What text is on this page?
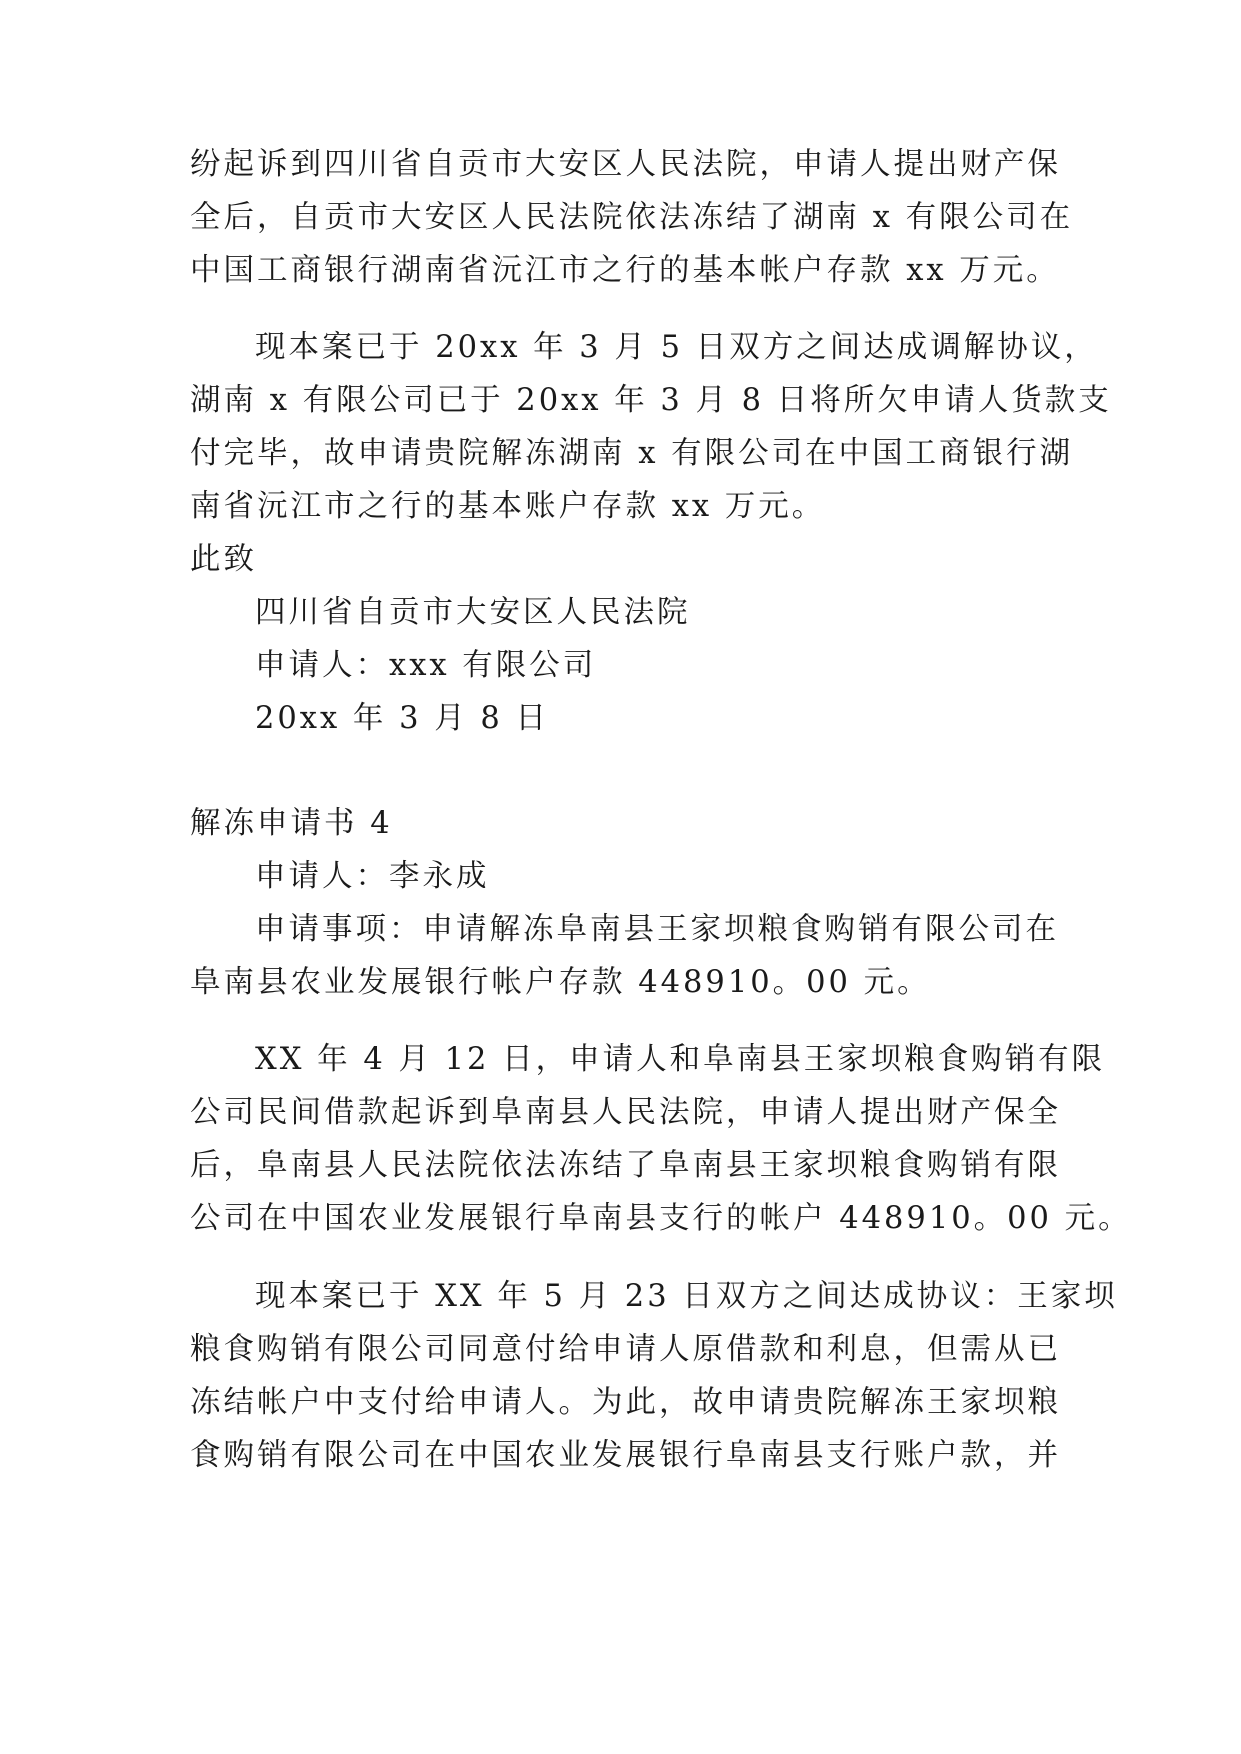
纷起诉到四川省自贡市大安区人民法院，申请人提出财产保
全后，自贡市大安区人民法院依法冻结了湖南 x 有限公司在
中国工商银行湖南省沅江市之行的基本帐户存款 xx 万元。
现本案已于 20xx 年 3 月 5 日双方之间达成调解协议，
湖南 x 有限公司已于 20xx 年 3 月 8 日将所欠申请人货款支
付完毕，故申请贵院解冻湖南 x 有限公司在中国工商银行湖
南省沅江市之行的基本账户存款 xx 万元。
此致
四川省自贡市大安区人民法院
申请人：xxx 有限公司
20xx 年 3 月 8 日
解冻申请书 4
申请人：李永成
申请事项：申请解冻阜南县王家坝粮食购销有限公司在
阜南县农业发展银行帐户存款 448910。00 元。
XX 年 4 月 12 日，申请人和阜南县王家坝粮食购销有限
公司民间借款起诉到阜南县人民法院，申请人提出财产保全
后，阜南县人民法院依法冻结了阜南县王家坝粮食购销有限
公司在中国农业发展银行阜南县支行的帐户 448910。00 元。
现本案已于 XX 年 5 月 23 日双方之间达成协议：王家坝
粮食购销有限公司同意付给申请人原借款和利息，但需从已
冻结帐户中支付给申请人。为此，故申请贵院解冻王家坝粮
食购销有限公司在中国农业发展银行阜南县支行账户款，并
